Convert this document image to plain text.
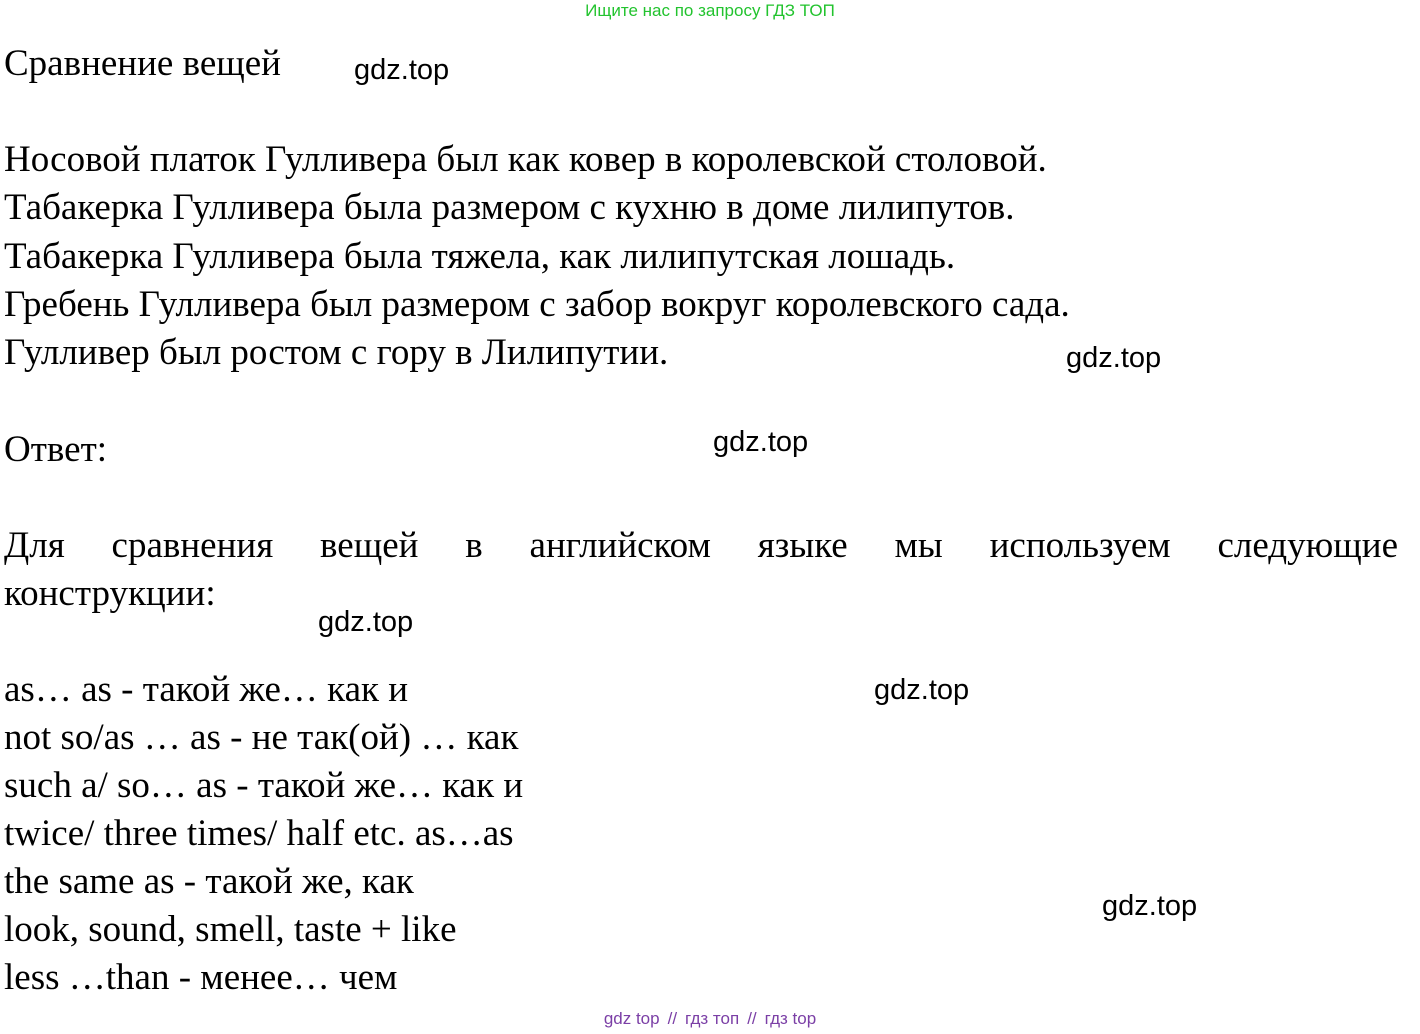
Ищите нас по запросу ГДЗ ТОП
Сравнение вещей	gdz.top
Носовой платок Гулливера был как ковер в королевской столовой.
Табакерка Гулливера была размером с кухню в доме лилипутов.
Табакерка Гулливера была тяжела, как лилипутская лошадь.
Гребень Гулливера был размером с забор вокруг королевского сада.
Гулливер был ростом с гору в Лилипутии.	gdz.top
Ответ:	gdz.top
Для сравнения вещей в английском языке мы используем следующие
конструкции:
gdz.top
as… as - такой же… как и	gdz.top
not so/as … as - не так(ой) … как
such a/ so… as - такой же… как и
twice/ three times/ half etc. as…as
the same as - такой же, как
gdz.top
look, sound, smell, taste + like
less …than - менее… чем
gdz top // гдз топ // гдз top
